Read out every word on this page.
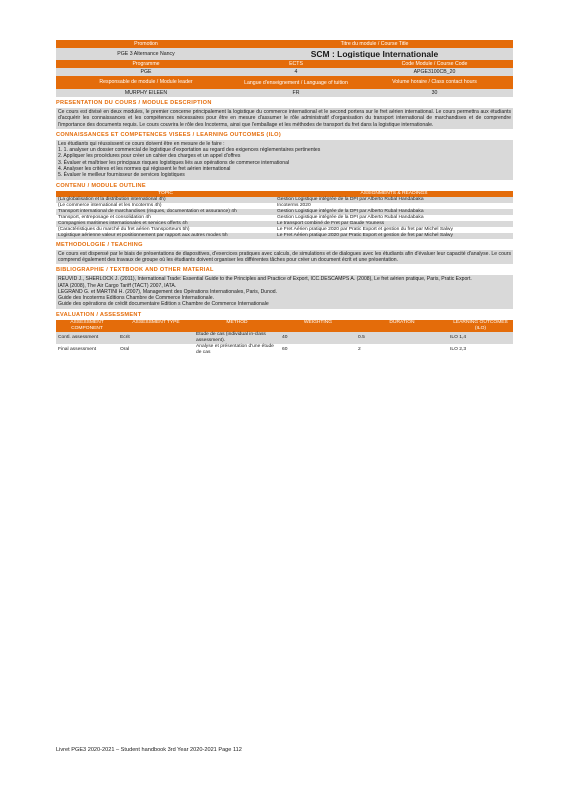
Promotion	Titre du module / Course Title
PGE 3 Alternance Nancy	SCM : Logistique Internationale
Programme	ECTS	Code Module / Course Code
PGE	4	APGE3100CB_20
Responsable de module / Module leader	Langue d'enseignement / Language of tuition	Volume horaire / Class contact hours
MURPHY EILEEN	FR	30
PRESENTATION DU COURS / MODULE DESCRIPTION

Ce cours est divisé en deux modules, le premier concerne principalement la logistique du commerce international et le second portera sur le fret aérien international. Le cours permettra aux étudiants d'acquérir les connaissances et les compétences nécessaires pour être en mesure d'assumer le rôle administratif d'organisation du transport international de marchandises et de comprendre l'importance des documents requis. Le cours couvrira le rôle des Incoterms, ainsi que l'emballage et les méthodes de transport du fret dans la logistique internationale.

CONNAISSANCES ET COMPETENCES VISEES / LEARNING OUTCOMES (ILO)
Les étudiants qui réussissent ce cours doivent être en mesure de le faire :
1. 1. analyser un dossier commercial de logistique d'exportation au regard des exigences réglementaires pertinentes
2. Appliquer les procédures pour créer un cahier des charges et un appel d'offres
3. Évaluer et maîtriser les principaux risques logistiques liés aux opérations de commerce international
4. Analyser les critères et les normes qui régissent le fret aérien international
5. Évaluer le meilleur fournisseur de services logistiques
CONTENU / MODULE OUTLINE
TOPIC	ASSIGNMENTS & READINGS
(La globalisation et la distribution international 4h)	Gestion Logistique intégrée de la DPI par Alberto Rubal Handabaka
(Le commerce international et les Incoterms 4h)	Incoterms 2020
Transport international de marchandises (risques, documentation et assurance) 4h	Gestion Logistique intégrée de la DPI par Alberto Rubal Handabaka
Transport, entreposage et consolidation 4h	Gestion Logistique intégrée de la DPI par Alberto Rubal Handabaka
Compagnies maritimes internationales et services offerts 4h	Le transport combiné de Fret par Gaude Youness
(Caractéristiques du marché du fret aérien Transporteurs 5h)	Le Fret Aérien pratique 2020 par Pratic Export et gestion du fret par Michel Salwy
Logistique aérienne valeur et positionnement par rapport aux autres modes 5h	Le Fret Aérien pratique 2020 par Pratic Export et gestion de fret par Michel Salwy
METHODOLOGIE / TEACHING

Ce cours est dispensé par le biais de présentations de diapositives, d'exercices pratiques avec calculs, de simulations et de dialogues avec les étudiants afin d'évaluer leur capacité d'analyse. Le cours comprend également des travaux de groupe où les étudiants doivent organiser les différentes tâches pour créer un document écrit et une présentation.

BIBLIOGRAPHIE / TEXTBOOK AND OTHER MATERIAL

REUVID J., SHERLOCK J. (2011), International Trade: Essential Guide to the Principles and Practice of Export, ICC.DESCAMPS A. (2008), Le fret aérien pratique, Paris, Pratic Export.

IATA (2008), The Air Cargo Tariff (TACT) 2007, IATA.

LEGRAND G. et MARTINI H. (2007), Management des Opérations Internationales, Paris, Dunod.

Guide des Incoterms Editions Chambre de Commerce Internationale.

Guide des opérations de crédit documentaire Edition s Chambre de Commerce Internationale

EVALUATION / ASSESSMENT
ASSESSMENT COMPONENT	ASSESSMENT TYPE	METHOD	WEIGHTING	DURATION	LEARNING OUTCOMES (ILO)
Contl. assessment	Ecrit	Etude de cas (individual in-class assessment).	40	0.5	ILO 1,4
Final assessment	Oral	Analyse et présentation d'une étude de cas	60	2	ILO 2,3
Livret PGE3 2020-2021 – Student handbook 3rd Year 2020-2021 Page 112
